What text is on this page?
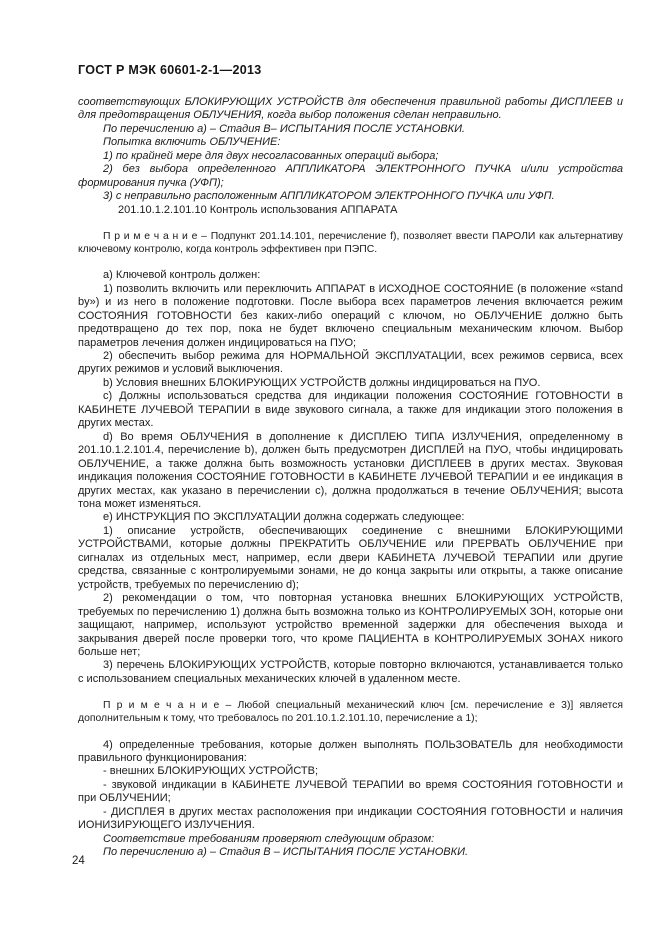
ГОСТ Р МЭК 60601-2-1—2013

соответствующих БЛОКИРУЮЩИХ УСТРОЙСТВ для обеспечения правильной работы ДИСПЛЕЕВ и для предотвращения ОБЛУЧЕНИЯ, когда выбор положения сделан неправильно.

По перечислению a) – Стадия В– ИСПЫТАНИЯ ПОСЛЕ УСТАНОВКИ.

Попытка включить ОБЛУЧЕНИЕ:

1) по крайней мере для двух несогласованных операций выбора;

2) без выбора определенного АППЛИКАТОРА ЭЛЕКТРОННОГО ПУЧКА и/или устройства формирования пучка (УФП);

3) с неправильно расположенным АППЛИКАТОРОМ ЭЛЕКТРОННОГО ПУЧКА или УФП.

201.10.1.2.101.10 Контроль использования АППАРАТА

П р и м е ч а н и е – Подпункт 201.14.101, перечисление f), позволяет ввести ПАРОЛИ как альтернативу ключевому контролю, когда контроль эффективен при ПЭПС.

a) Ключевой контроль должен:

1) позволить включить или переключить АППАРАТ в ИСХОДНОЕ СОСТОЯНИЕ (в положение «stand by») и из него в положение подготовки. После выбора всех параметров лечения включается режим СОСТОЯНИЯ ГОТОВНОСТИ без каких-либо операций с ключом, но ОБЛУЧЕНИЕ должно быть предотвращено до тех пор, пока не будет включено специальным механическим ключом. Выбор параметров лечения должен индицироваться на ПУО;

2) обеспечить выбор режима для НОРМАЛЬНОЙ ЭКСПЛУАТАЦИИ, всех режимов сервиса, всех других режимов и условий выключения.

b) Условия внешних БЛОКИРУЮЩИХ УСТРОЙСТВ должны индицироваться на ПУО.

c) Должны использоваться средства для индикации положения СОСТОЯНИЕ ГОТОВНОСТИ в КАБИНЕТЕ ЛУЧЕВОЙ ТЕРАПИИ в виде звукового сигнала, а также для индикации этого положения в других местах.

d) Во время ОБЛУЧЕНИЯ в дополнение к ДИСПЛЕЮ ТИПА ИЗЛУЧЕНИЯ, определенному в 201.10.1.2.101.4, перечисление b), должен быть предусмотрен ДИСПЛЕЙ на ПУО, чтобы индицировать ОБЛУЧЕНИЕ, а также должна быть возможность установки ДИСПЛЕЕВ в других местах. Звуковая индикация положения СОСТОЯНИЕ ГОТОВНОСТИ в КАБИНЕТЕ ЛУЧЕВОЙ ТЕРАПИИ и ее индикация в других местах, как указано в перечислении c), должна продолжаться в течение ОБЛУЧЕНИЯ; высота тона может изменяться.

e) ИНСТРУКЦИЯ ПО ЭКСПЛУАТАЦИИ должна содержать следующее:

1) описание устройств, обеспечивающих соединение с внешними БЛОКИРУЮЩИМИ УСТРОЙСТВАМИ, которые должны ПРЕКРАТИТЬ ОБЛУЧЕНИЕ или ПРЕРВАТЬ ОБЛУЧЕНИЕ при сигналах из отдельных мест, например, если двери КАБИНЕТА ЛУЧЕВОЙ ТЕРАПИИ или другие средства, связанные с контролируемыми зонами, не до конца закрыты или открыты, а также описание устройств, требуемых по перечислению d);

2) рекомендации о том, что повторная установка внешних БЛОКИРУЮЩИХ УСТРОЙСТВ, требуемых по перечислению 1) должна быть возможна только из КОНТРОЛИРУЕМЫХ ЗОН, которые они защищают, например, используют устройство временной задержки для обеспечения выхода и закрывания дверей после проверки того, что кроме ПАЦИЕНТА в КОНТРОЛИРУЕМЫХ ЗОНАХ никого больше нет;

3) перечень БЛОКИРУЮЩИХ УСТРОЙСТВ, которые повторно включаются, устанавливается только с использованием специальных механических ключей в удаленном месте.

П р и м е ч а н и е – Любой специальный механический ключ [см. перечисление e 3)] является дополнительным к тому, что требовалось по 201.10.1.2.101.10, перечисление a 1);

4) определенные требования, которые должен выполнять ПОЛЬЗОВАТЕЛЬ для необходимости правильного функционирования:

- внешних БЛОКИРУЮЩИХ УСТРОЙСТВ;

- звуковой индикации в КАБИНЕТЕ ЛУЧЕВОЙ ТЕРАПИИ во время СОСТОЯНИЯ ГОТОВНОСТИ и при ОБЛУЧЕНИИ;

- ДИСПЛЕЯ в других местах расположения при индикации СОСТОЯНИЯ ГОТОВНОСТИ и наличия ИОНИЗИРУЮЩЕГО ИЗЛУЧЕНИЯ.

Соответствие требованиям проверяют следующим образом:

По перечислению a) – Стадия В – ИСПЫТАНИЯ ПОСЛЕ УСТАНОВКИ.

24
